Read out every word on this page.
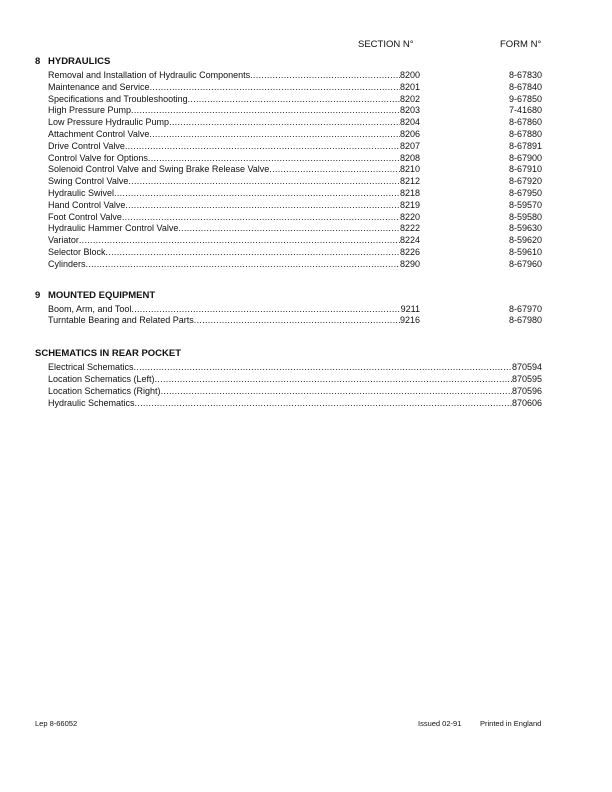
SECTION N°	FORM N°
8 HYDRAULICS
Removal and Installation of Hydraulic Components .....	8200	8-67830
Maintenance and Service .....	8201	8-67840
Specifications and Troubleshooting .....	8202	9-67850
High Pressure Pump .....	8203	7-41680
Low Pressure Hydraulic Pump .....	8204	8-67860
Attachment Control Valve .....	8206	8-67880
Drive Control Valve .....	8207	8-67891
Control Valve for Options .....	8208	8-67900
Solenoid Control Valve and Swing Brake Release Valve .....	8210	8-67910
Swing Control Valve .....	8212	8-67920
Hydraulic Swivel .....	8218	8-67950
Hand Control Valve .....	8219	8-59570
Foot Control Valve .....	8220	8-59580
Hydraulic Hammer Control Valve .....	8222	8-59630
Variator .....	8224	8-59620
Selector Block .....	8226	8-59610
Cylinders .....	8290	8-67960
9 MOUNTED EQUIPMENT
Boom, Arm, and Tool .....	9211	8-67970
Turntable Bearing and Related Parts .....	9216	8-67980
SCHEMATICS IN REAR POCKET
Electrical Schematics .....	870594
Location Schematics (Left) .....	870595
Location Schematics (Right) .....	870596
Hydraulic Schematics .....	870606
Lep 8-66052	Issued 02-91 Printed in England
